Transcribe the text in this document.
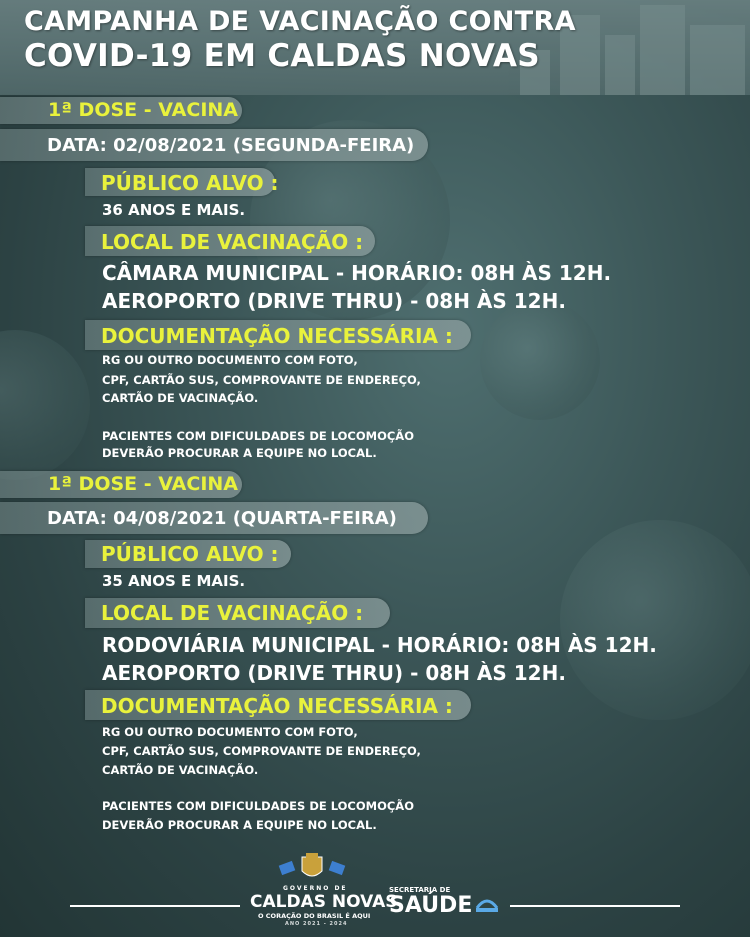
CAMPANHA DE VACINAÇÃO CONTRA
COVID-19 EM CALDAS NOVAS
1ª DOSE - VACINA
DATA: 02/08/2021 (SEGUNDA-FEIRA)
PÚBLICO ALVO :
36 ANOS E MAIS.
LOCAL DE VACINAÇÃO :
CÂMARA MUNICIPAL - HORÁRIO: 08H ÀS 12H.
AEROPORTO (DRIVE THRU) - 08H ÀS 12H.
DOCUMENTAÇÃO NECESSÁRIA :
RG OU OUTRO DOCUMENTO COM FOTO,
CPF, CARTÃO SUS, COMPROVANTE DE ENDEREÇO,
CARTÃO DE VACINAÇÃO.
PACIENTES COM DIFICULDADES DE LOCOMOÇÃO
DEVERÃO PROCURAR A EQUIPE NO LOCAL.
1ª DOSE - VACINA
DATA: 04/08/2021 (QUARTA-FEIRA)
PÚBLICO ALVO :
35 ANOS E MAIS.
LOCAL DE VACINAÇÃO :
RODOVIÁRIA MUNICIPAL - HORÁRIO: 08H ÀS 12H.
AEROPORTO (DRIVE THRU) - 08H ÀS 12H.
DOCUMENTAÇÃO NECESSÁRIA :
RG OU OUTRO DOCUMENTO COM FOTO,
CPF, CARTÃO SUS, COMPROVANTE DE ENDEREÇO,
CARTÃO DE VACINAÇÃO.
PACIENTES COM DIFICULDADES DE LOCOMOÇÃO
DEVERÃO PROCURAR A EQUIPE NO LOCAL.
GOVERNO DE
CALDAS NOVAS
O CORAÇÃO DO BRASIL É AQUI
ANO 2021 - 2024
SECRETARIA DE
SAÚDE
